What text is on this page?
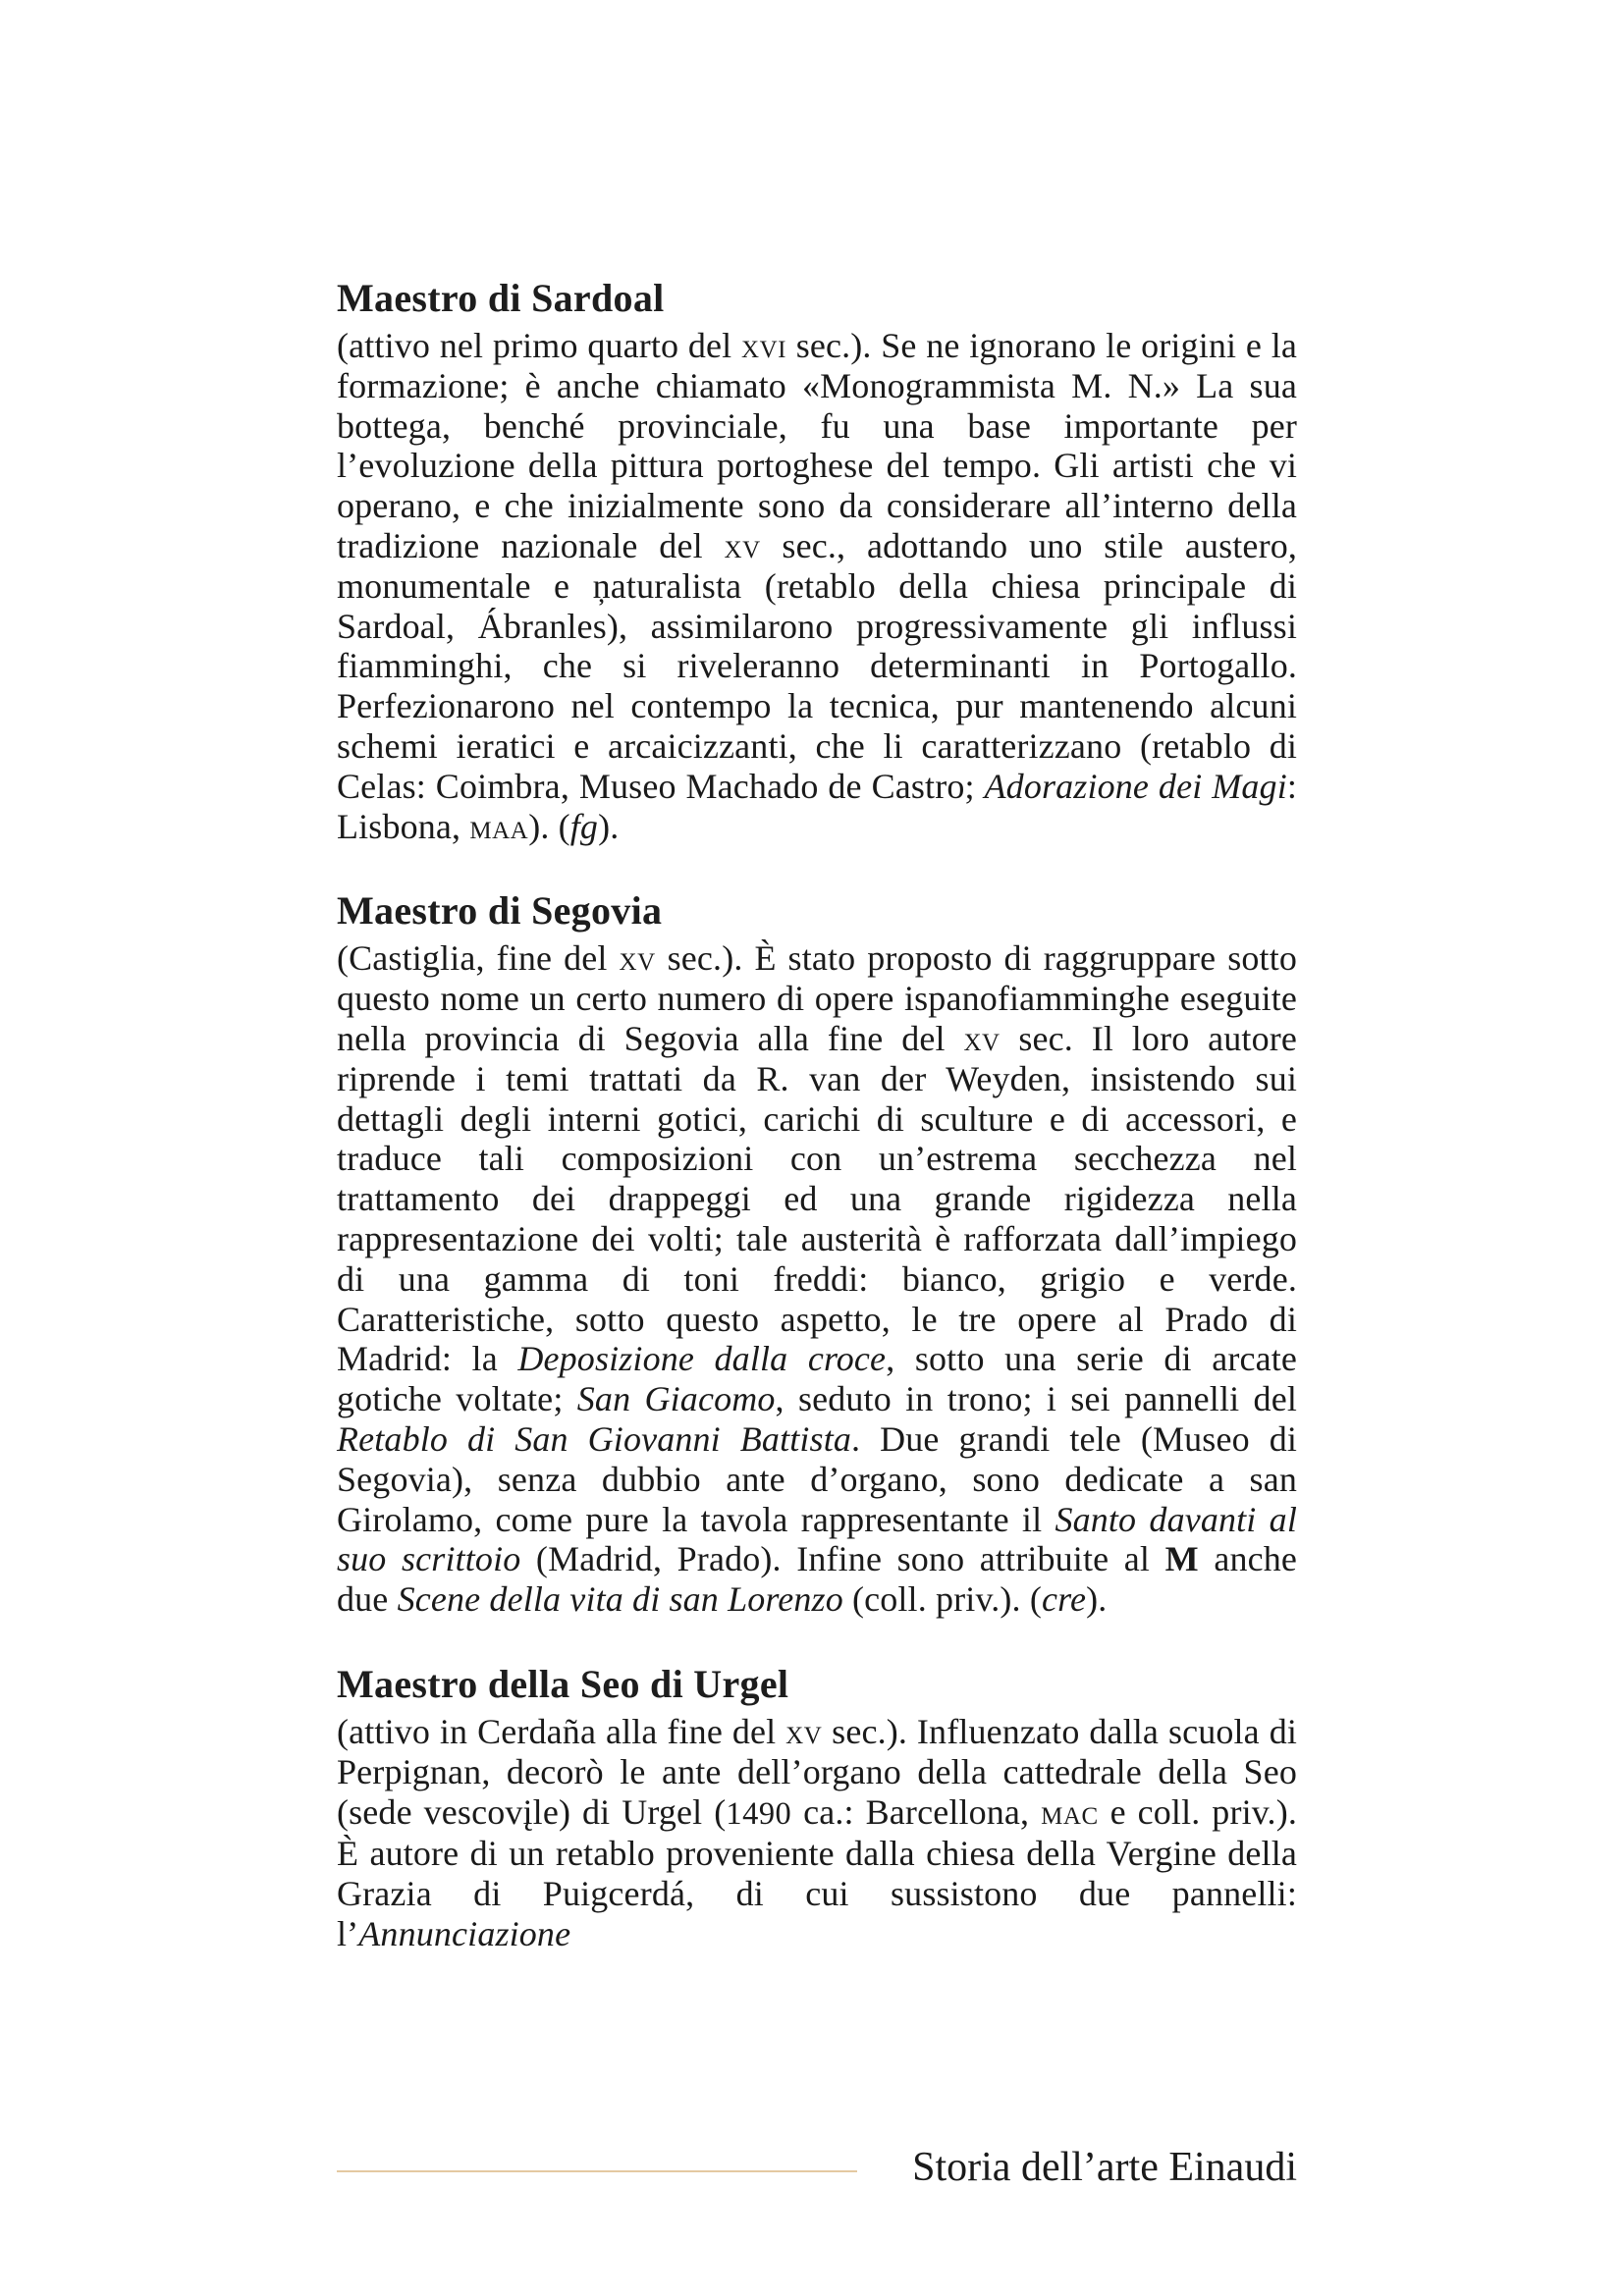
Maestro di Sardoal

(attivo nel primo quarto del xvi sec.). Se ne ignorano le origini e la formazione; è anche chiamato «Monogrammista M. N.» La sua bottega, benché provinciale, fu una base importante per l’evoluzione della pittura portoghese del tempo. Gli artisti che vi operano, e che inizialmente sono da considerare all’interno della tradizione nazionale del xv sec., adottando uno stile austero, monumentale e ņaturalista (retablo della chiesa principale di Sardoal, Ábranles), assimilarono progressivamente gli influssi fiamminghi, che si riveleranno determinanti in Portogallo. Perfezionarono nel contempo la tecnica, pur mantenendo alcuni schemi ieratici e arcaicizzanti, che li caratterizzano (retablo di Celas: Coimbra, Museo Machado de Castro; Adorazione dei Magi: Lisbona, maa). (fg).

Maestro di Segovia

(Castiglia, fine del xv sec.). È stato proposto di raggruppare sotto questo nome un certo numero di opere ispanofiamminghe eseguite nella provincia di Segovia alla fine del xv sec. Il loro autore riprende i temi trattati da R. van der Weyden, insistendo sui dettagli degli interni gotici, carichi di sculture e di accessori, e traduce tali composizioni con un’estrema secchezza nel trattamento dei drappeggi ed una grande rigidezza nella rappresentazione dei volti; tale austerità è rafforzata dall’impiego di una gamma di toni freddi: bianco, grigio e verde. Caratteristiche, sotto questo aspetto, le tre opere al Prado di Madrid: la Deposizione dalla croce, sotto una serie di arcate gotiche voltate; San Giacomo, seduto in trono; i sei pannelli del Retablo di San Giovanni Battista. Due grandi tele (Museo di Segovia), senza dubbio ante d’organo, sono dedicate a san Girolamo, come pure la tavola rappresentante il Santo davanti al suo scrittoio (Madrid, Prado). Infine sono attribuite al M anche due Scene della vita di san Lorenzo (coll. priv.). (cre).

Maestro della Seo di Urgel

(attivo in Cerdaña alla fine del xv sec.). Influenzato dalla scuola di Perpignan, decorò le ante dell’organo della cattedrale della Seo (sede vescovįle) di Urgel (1490 ca.: Barcellona, mac e coll. priv.). È autore di un retablo proveniente dalla chiesa della Vergine della Grazia di Puigcerdá, di cui sussistono due pannelli: l’Annunciazione

Storia dell’arte Einaudi
